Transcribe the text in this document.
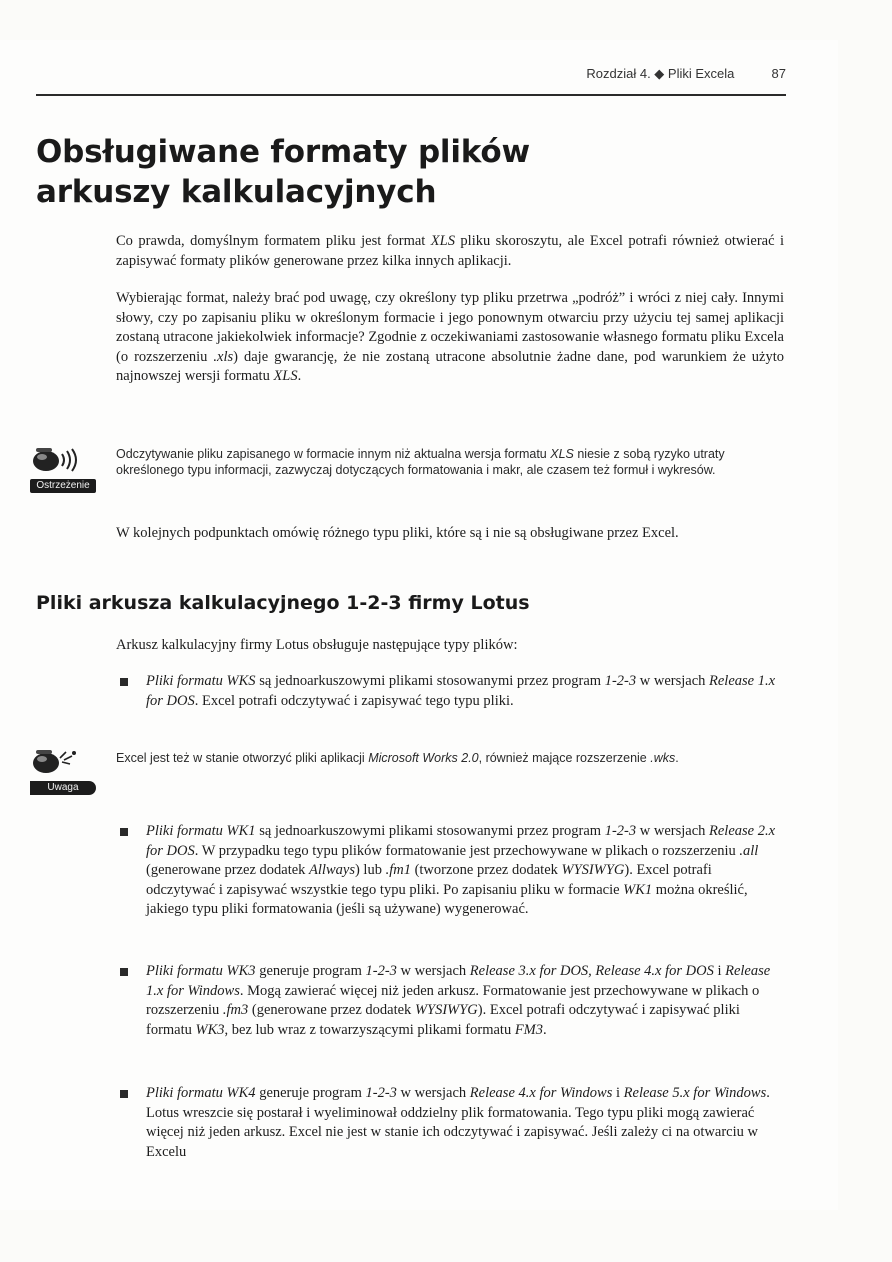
Rozdział 4. ◆ Pliki Excela	87
Obsługiwane formaty plików
arkuszy kalkulacyjnych
Co prawda, domyślnym formatem pliku jest format XLS pliku skoroszytu, ale Excel potrafi również otwierać i zapisywać formaty plików generowane przez kilka innych aplikacji.
Wybierając format, należy brać pod uwagę, czy określony typ pliku przetrwa „podróż” i wróci z niej cały. Innymi słowy, czy po zapisaniu pliku w określonym formacie i jego ponownym otwarciu przy użyciu tej samej aplikacji zostaną utracone jakiekolwiek informacje? Zgodnie z oczekiwaniami zastosowanie własnego formatu pliku Excela (o rozszerzeniu .xls) daje gwarancję, że nie zostaną utracone absolutnie żadne dane, pod warunkiem że użyto najnowszej wersji formatu XLS.
Ostrzeżenie
Odczytywanie pliku zapisanego w formacie innym niż aktualna wersja formatu XLS niesie z sobą ryzyko utraty określonego typu informacji, zazwyczaj dotyczących formatowania i makr, ale czasem też formuł i wykresów.
W kolejnych podpunktach omówię różnego typu pliki, które są i nie są obsługiwane przez Excel.
Pliki arkusza kalkulacyjnego 1-2-3 firmy Lotus
Arkusz kalkulacyjny firmy Lotus obsługuje następujące typy plików:
Pliki formatu WKS są jednoarkuszowymi plikami stosowanymi przez program 1-2-3 w wersjach Release 1.x for DOS. Excel potrafi odczytywać i zapisywać tego typu pliki.
Uwaga
Excel jest też w stanie otworzyć pliki aplikacji Microsoft Works 2.0, również mające rozszerzenie .wks.
Pliki formatu WK1 są jednoarkuszowymi plikami stosowanymi przez program 1-2-3 w wersjach Release 2.x for DOS. W przypadku tego typu plików formatowanie jest przechowywane w plikach o rozszerzeniu .all (generowane przez dodatek Allways) lub .fm1 (tworzone przez dodatek WYSIWYG). Excel potrafi odczytywać i zapisywać wszystkie tego typu pliki. Po zapisaniu pliku w formacie WK1 można określić, jakiego typu pliki formatowania (jeśli są używane) wygenerować.
Pliki formatu WK3 generuje program 1-2-3 w wersjach Release 3.x for DOS, Release 4.x for DOS i Release 1.x for Windows. Mogą zawierać więcej niż jeden arkusz. Formatowanie jest przechowywane w plikach o rozszerzeniu .fm3 (generowane przez dodatek WYSIWYG). Excel potrafi odczytywać i zapisywać pliki formatu WK3, bez lub wraz z towarzyszącymi plikami formatu FM3.
Pliki formatu WK4 generuje program 1-2-3 w wersjach Release 4.x for Windows i Release 5.x for Windows. Lotus wreszcie się postarał i wyeliminował oddzielny plik formatowania. Tego typu pliki mogą zawierać więcej niż jeden arkusz. Excel nie jest w stanie ich odczytywać i zapisywać. Jeśli zależy ci na otwarciu w Excelu
